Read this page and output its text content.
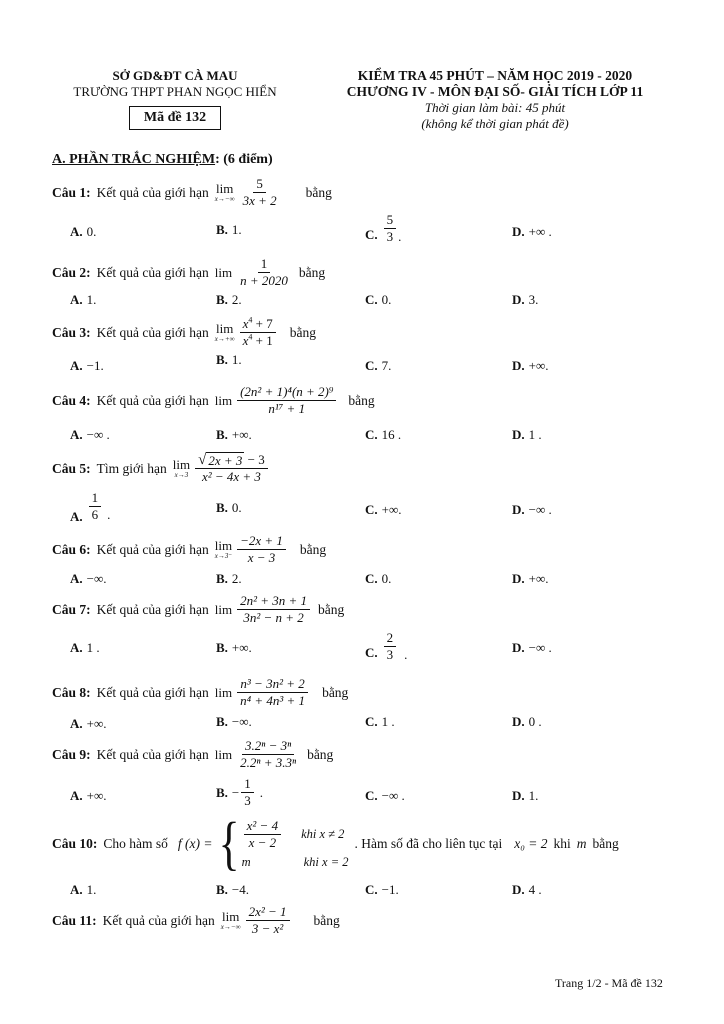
SỞ GD&ĐT CÀ MAU
TRƯỜNG THPT PHAN NGỌC HIỂN
Mã đề 132
KIỂM TRA 45 PHÚT – NĂM HỌC 2019 - 2020
CHƯƠNG IV - MÔN ĐẠI SỐ- GIẢI TÍCH LỚP 11
Thời gian làm bài: 45 phút
(không kể thời gian phát đề)
A. PHẦN TRẮC NGHIỆM: (6 điểm)
Câu 1: Kết quả của giới hạn lim
$x\to-\infty \frac{5}{3x + 2}$ bằng
A. 0.	B. 1.	C. $\frac{5}{3}$ .	D. +∞ .
Câu 2: Kết quả của giới hạn $\lim \frac{1}{n + 2020}$ bằng
A. 1.	B. 2.	C. 0.	D. 3.
Câu 3: Kết quả của giới hạn lim
$x\to+\infty \frac{x^4 + 7}{x^4 + 1}$ bằng
A. −1.	B. 1.	C. 7.	D. +∞.
Câu 4: Kết quả của giới hạn $\lim \frac{\text{(2n² + 1)⁴(n + 2)⁹}}{\text{n¹⁷ + 1}}$ bằng
A. −∞ .	B. +∞.	C. 16 .	D. 1 .
Câu 5: Tìm giới hạn lim
$x\to 3 \frac{√ 2x + 3 - 3}{\text{x² − 4x + 3}}$
A. $\frac{1}{6}$ .	B. 0.	C. +∞.	D. −∞ .
Câu 6: Kết quả của giới hạn lim
$x\to 3^- \frac{-2x + 1}{x - 3}$ bằng
A. −∞.	B. 2.	C. 0.	D. +∞.
Câu 7: Kết quả của giới hạn $\lim \frac{\text{2n² + 3n + 1}}{\text{3n² − n + 2}}$ bằng
A. 1 .	B. +∞.	C. $\frac{2}{3}$ .	D. −∞ .
Câu 8: Kết quả của giới hạn $\lim \frac{\text{n³ − 3n² + 2}}{\text{n⁴ + 4n³ + 1}}$ bằng
A. +∞.	B. −∞.	C. 1 .	D. 0 .
Câu 9: Kết quả của giới hạn $\lim \frac{\text{3.2ⁿ − 3ⁿ}}{\text{2.2ⁿ + 3.3ⁿ}}$ bằng
A. +∞.	B. − $\frac{1}{3}$ .	C. −∞ .	D. 1.
Câu 10: Cho hàm số f (x) = { $\frac{\text{x² − 4}}{x - 2}$ khi x ≠ 2
m	khi x = 2
. Hàm số đã cho liên tục tại x₀ = 2 khi m bằng
A. 1.	B. −4.	C. −1.	D. 4 .
Câu 11: Kết quả của giới hạn lim
$x\to-\infty \frac{\text{2x² − 1}}{\text{3 − x²}}$ bằng
Trang 1/2 - Mã đề 132
